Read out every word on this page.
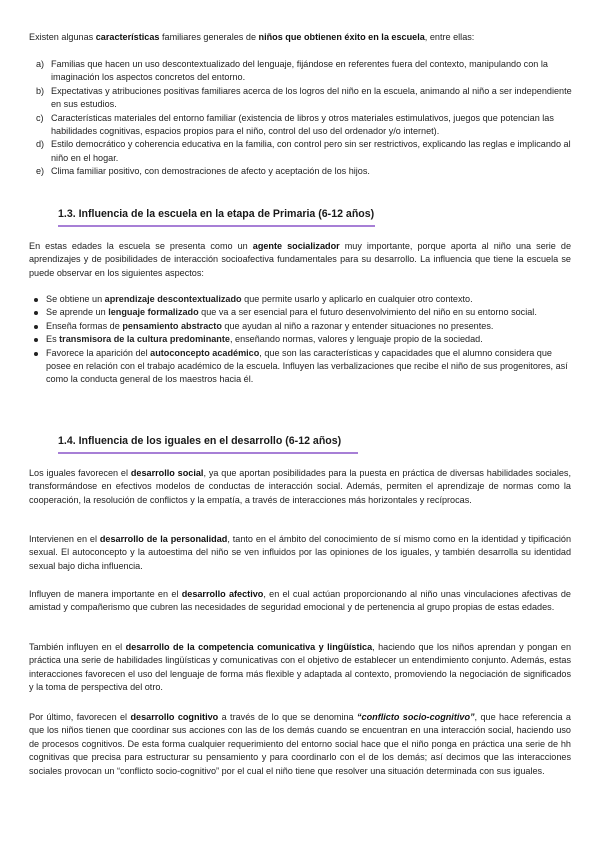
Existen algunas características familiares generales de niños que obtienen éxito en la escuela, entre ellas:

a) Familias que hacen un uso descontextualizado del lenguaje, fijándose en referentes fuera del contexto, manipulando con la imaginación los aspectos concretos del entorno.
b) Expectativas y atribuciones positivas familiares acerca de los logros del niño en la escuela, animando al niño a ser independiente en sus estudios.
c) Características materiales del entorno familiar (existencia de libros y otros materiales estimulativos, juegos que potencian las habilidades cognitivas, espacios propios para el niño, control del uso del ordenador y/o internet).
d) Estilo democrático y coherencia educativa en la familia, con control pero sin ser restrictivos, explicando las reglas e implicando al niño en el hogar.
e) Clima familiar positivo, con demostraciones de afecto y aceptación de los hijos.
1.3. Influencia de la escuela en la etapa de Primaria (6-12 años)

En estas edades la escuela se presenta como un agente socializador muy importante, porque aporta al niño una serie de aprendizajes y de posibilidades de interacción socioafectiva fundamentales para su desarrollo. La influencia que tiene la escuela se puede observar en los siguientes aspectos:

Se obtiene un aprendizaje descontextualizado que permite usarlo y aplicarlo en cualquier otro contexto.
Se aprende un lenguaje formalizado que va a ser esencial para el futuro desenvolvimiento del niño en su entorno social.
Enseña formas de pensamiento abstracto que ayudan al niño a razonar y entender situaciones no presentes.
Es transmisora de la cultura predominante, enseñando normas, valores y lenguaje propio de la sociedad.
Favorece la aparición del autoconcepto académico, que son las características y capacidades que el alumno considera que posee en relación con el trabajo académico de la escuela. Influyen las verbalizaciones que recibe el niño de sus progenitores, así como la conducta general de los maestros hacia él.
1.4. Influencia de los iguales en el desarrollo (6-12 años)

Los iguales favorecen el desarrollo social, ya que aportan posibilidades para la puesta en práctica de diversas habilidades sociales, transformándose en efectivos modelos de conductas de interacción social. Además, permiten el aprendizaje de normas como la cooperación, la resolución de conflictos y la empatía, a través de interacciones más horizontales y recíprocas.

Intervienen en el desarrollo de la personalidad, tanto en el ámbito del conocimiento de sí mismo como en la identidad y tipificación sexual. El autoconcepto y la autoestima del niño se ven influidos por las opiniones de los iguales, y también desarrolla su identidad sexual bajo dicha influencia.

Influyen de manera importante en el desarrollo afectivo, en el cual actúan proporcionando al niño unas vinculaciones afectivas de amistad y compañerismo que cubren las necesidades de seguridad emocional y de pertenencia al grupo propias de estas edades.

También influyen en el desarrollo de la competencia comunicativa y lingüística, haciendo que los niños aprendan y pongan en práctica una serie de habilidades lingüísticas y comunicativas con el objetivo de establecer un entendimiento conjunto. Además, estas interacciones favorecen el uso del lenguaje de forma más flexible y adaptada al contexto, promoviendo la negociación de significados y la toma de perspectiva del otro.

Por último, favorecen el desarrollo cognitivo a través de lo que se denomina “conflicto socio-cognitivo”, que hace referencia a que los niños tienen que coordinar sus acciones con las de los demás cuando se encuentran en una interacción social, haciendo uso de procesos cognitivos. De esta forma cualquier requerimiento del entorno social hace que el niño ponga en práctica una serie de hh cognitivas que precisa para estructurar su pensamiento y para coordinarlo con el de los demás; así decimos que las interacciones sociales provocan un “conflicto socio-cognitivo” por el cual el niño tiene que resolver una situación determinada con sus iguales.
